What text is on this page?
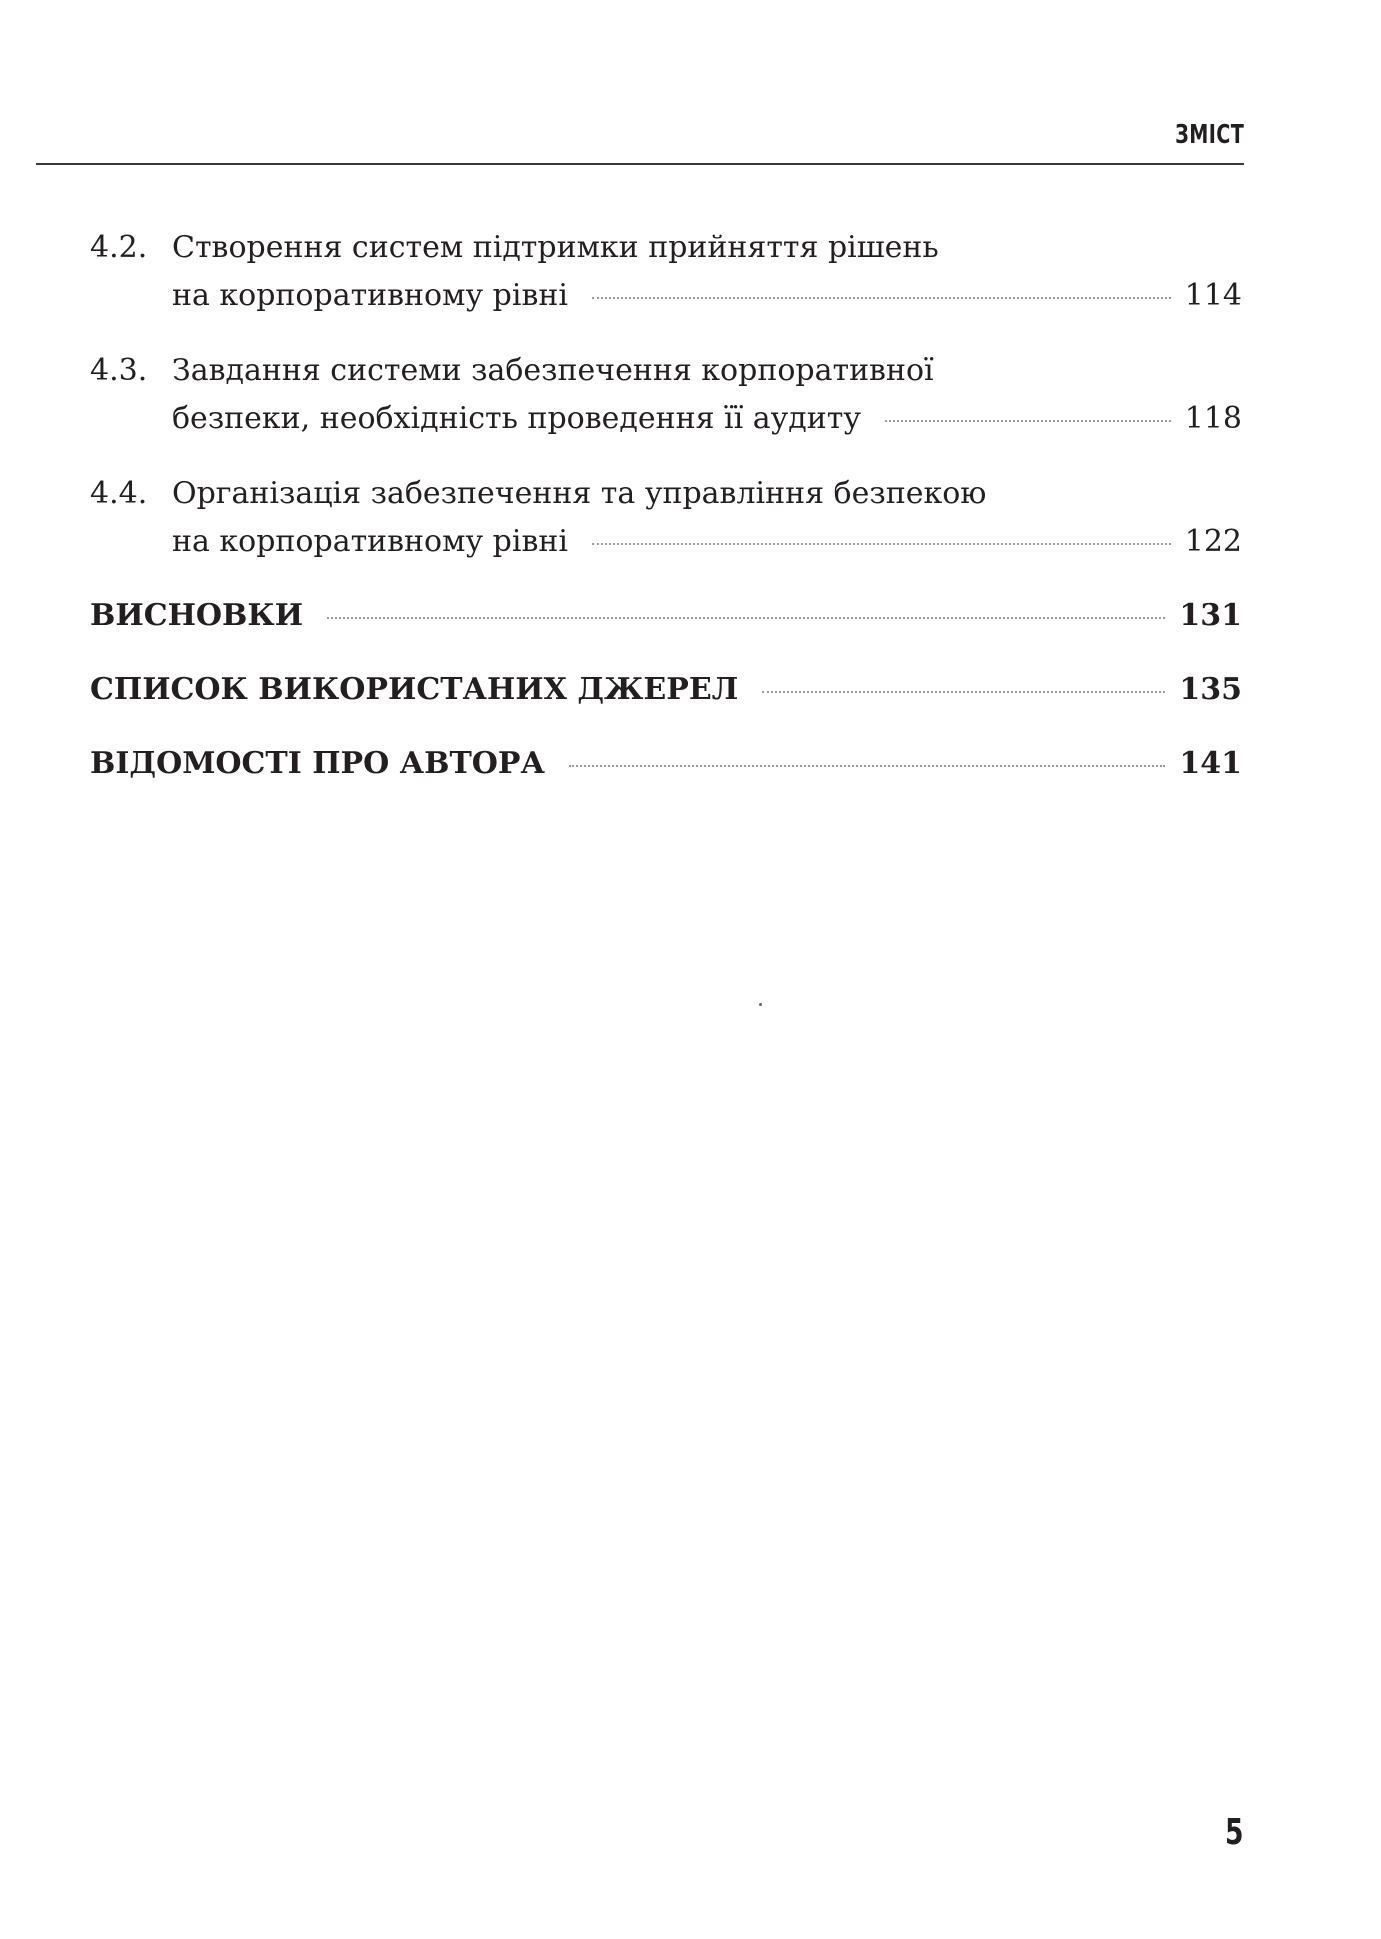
ЗМІСТ
4.2. Створення систем підтримки прийняття рішень
на корпоративному рівні	114
4.3. Завдання системи забезпечення корпоративної
безпеки, необхідність проведення її аудиту	118
4.4. Організація забезпечення та управління безпекою
на корпоративному рівні	122
ВИСНОВКИ	131
СПИСОК ВИКОРИСТАНИХ ДЖЕРЕЛ	135
ВІДОМОСТІ ПРО АВТОРА	141
5
